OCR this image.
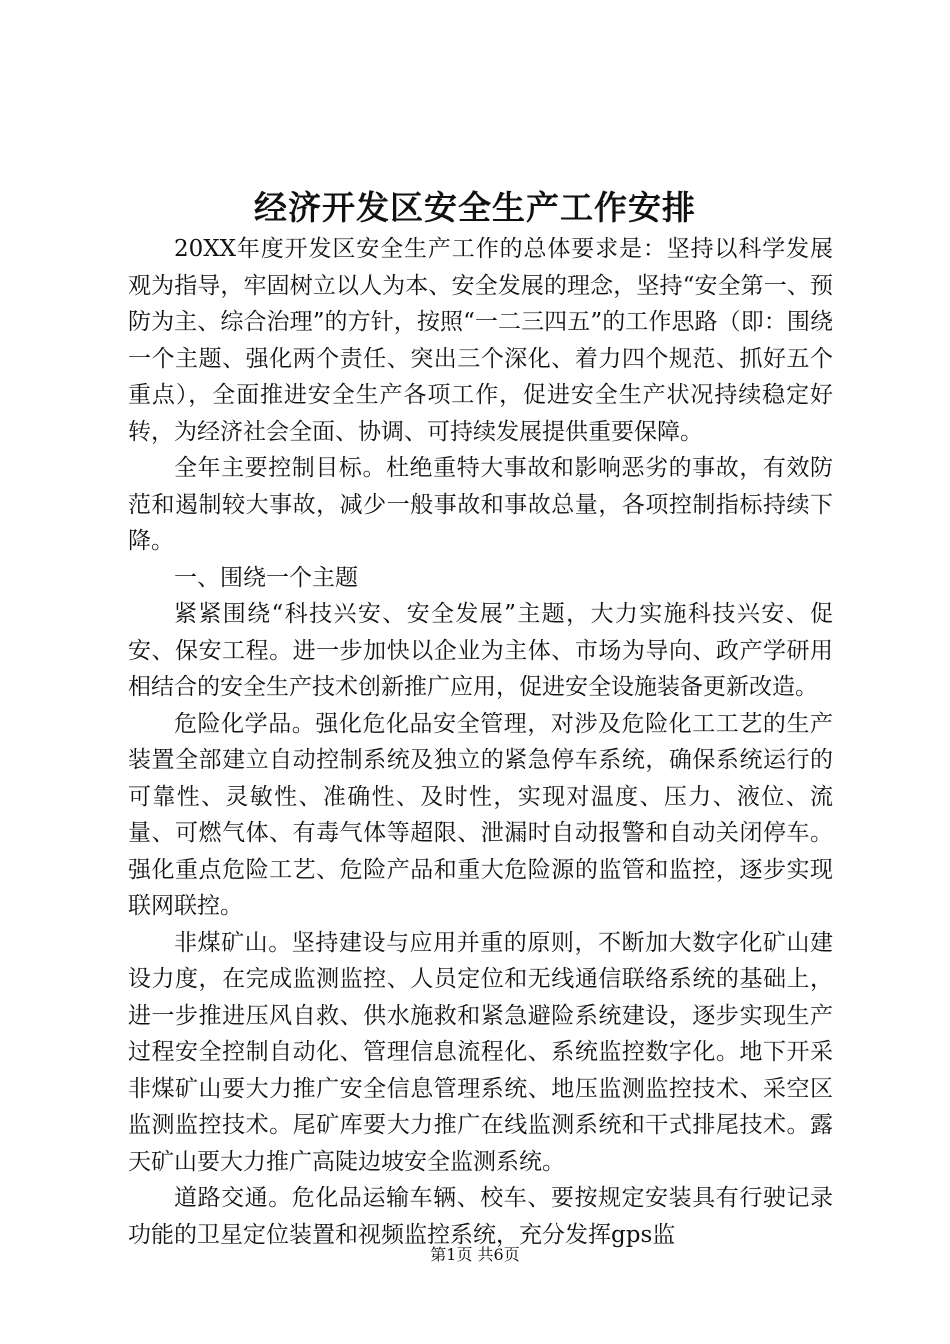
经济开发区安全生产工作安排

20XX年度开发区安全生产工作的总体要求是：坚持以科学发展观为指导，牢固树立以人为本、安全发展的理念，坚持“安全第一、预防为主、综合治理”的方针，按照“一二三四五”的工作思路（即：围绕一个主题、强化两个责任、突出三个深化、着力四个规范、抓好五个重点），全面推进安全生产各项工作，促进安全生产状况持续稳定好转，为经济社会全面、协调、可持续发展提供重要保障。

全年主要控制目标。杜绝重特大事故和影响恶劣的事故，有效防范和遏制较大事故，减少一般事故和事故总量，各项控制指标持续下降。

一、围绕一个主题

紧紧围绕“科技兴安、安全发展”主题，大力实施科技兴安、促安、保安工程。进一步加快以企业为主体、市场为导向、政产学研用相结合的安全生产技术创新推广应用，促进安全设施装备更新改造。

危险化学品。强化危化品安全管理，对涉及危险化工工艺的生产装置全部建立自动控制系统及独立的紧急停车系统，确保系统运行的可靠性、灵敏性、准确性、及时性，实现对温度、压力、液位、流量、可燃气体、有毒气体等超限、泄漏时自动报警和自动关闭停车。强化重点危险工艺、危险产品和重大危险源的监管和监控，逐步实现联网联控。

非煤矿山。坚持建设与应用并重的原则，不断加大数字化矿山建设力度，在完成监测监控、人员定位和无线通信联络系统的基础上，进一步推进压风自救、供水施救和紧急避险系统建设，逐步实现生产过程安全控制自动化、管理信息流程化、系统监控数字化。地下开采非煤矿山要大力推广安全信息管理系统、地压监测监控技术、采空区监测监控技术。尾矿库要大力推广在线监测系统和干式排尾技术。露天矿山要大力推广高陡边坡安全监测系统。

道路交通。危化品运输车辆、校车、要按规定安装具有行驶记录功能的卫星定位装置和视频监控系统，充分发挥gps监

第1页 共6页
